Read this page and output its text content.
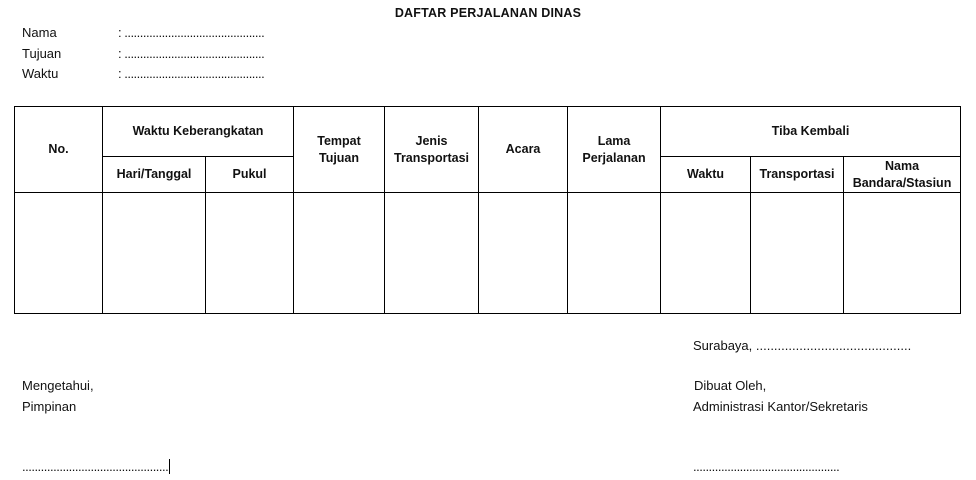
DAFTAR PERJALANAN DINAS
Nama	: .............................................
Tujuan	: .............................................
Waktu	: .............................................
No.	Waktu Keberangkatan		Tempat Tujuan	Jenis Transportasi	Acara	Lama Perjalanan	Tiba Kembali		
	Hari/Tanggal	Pukul					Waktu	Transportasi	Nama Bandara/Stasiun

Surabaya, ...........................................
Mengetahui,
Pimpinan
...............................................
Dibuat Oleh,
Administrasi Kantor/Sekretaris
...............................................
